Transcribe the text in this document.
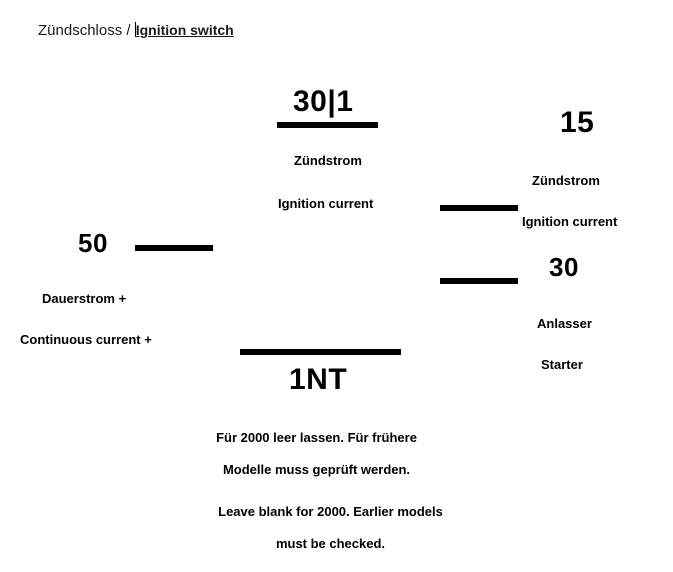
Zündschloss / Ignition switch
30|1
Zündstrom
Ignition current
15
Zündstrom
Ignition current
30
Anlasser
Starter
50
Dauerstrom +
Continuous current +
1NT
Für 2000 leer lassen. Für frühere
Modelle muss geprüft werden.
Leave blank for 2000. Earlier models
must be checked.
